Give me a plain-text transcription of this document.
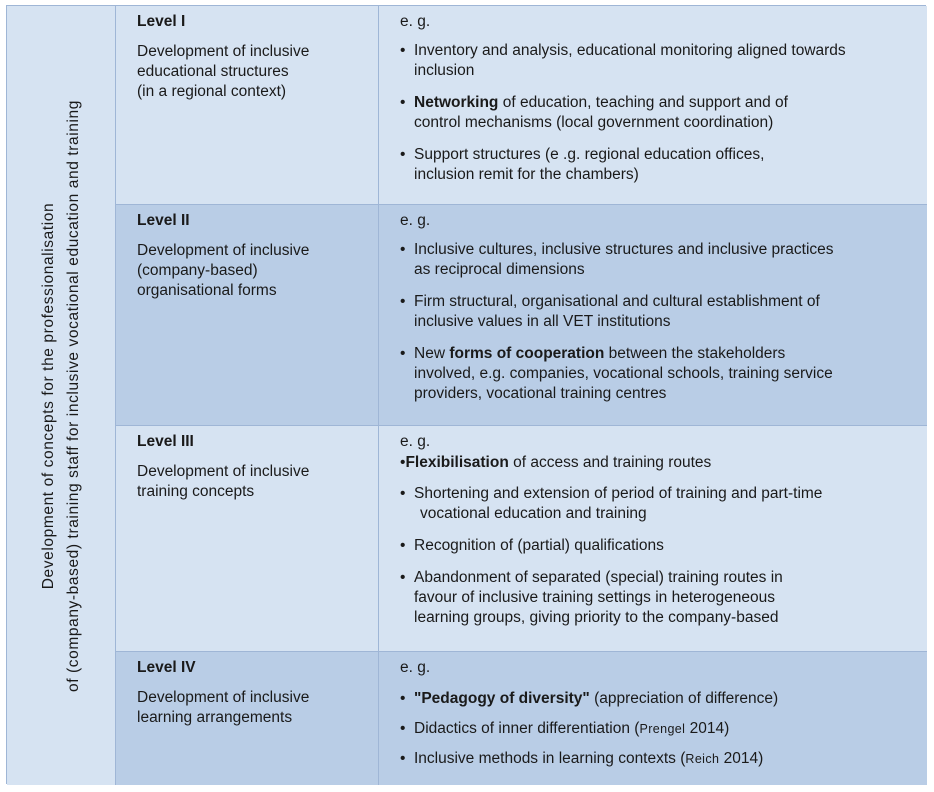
Development of concepts for the professionalisation of (company-based) training staff for inclusive vocational education and training
Level I
Development of inclusive
educational structures
(in a regional context)
e. g.
• Inventory and analysis, educational monitoring aligned towards
inclusion
• Networking of education, teaching and support and of
control mechanisms (local government coordination)
• Support structures (e .g. regional education offices,
inclusion remit for the chambers)
Level II
Development of inclusive
(company-based)
organisational forms
e. g.
• Inclusive cultures, inclusive structures and inclusive practices
as reciprocal dimensions
• Firm structural, organisational and cultural establishment of
inclusive values in all VET institutions
• New forms of cooperation between the stakeholders
involved, e.g. companies, vocational schools, training service
providers, vocational training centres
Level III
Development of inclusive
training concepts
e. g.
•Flexibilisation of access and training routes
• Shortening and extension of period of training and part-time
vocational education and training
• Recognition of (partial) qualifications
• Abandonment of separated (special) training routes in
favour of inclusive training settings in heterogeneous
learning groups, giving priority to the company-based
Level IV
Development of inclusive
learning arrangements
e. g.
• "Pedagogy of diversity" (appreciation of difference)
• Didactics of inner differentiation (Prengel 2014)
• Inclusive methods in learning contexts (Reich 2014)
